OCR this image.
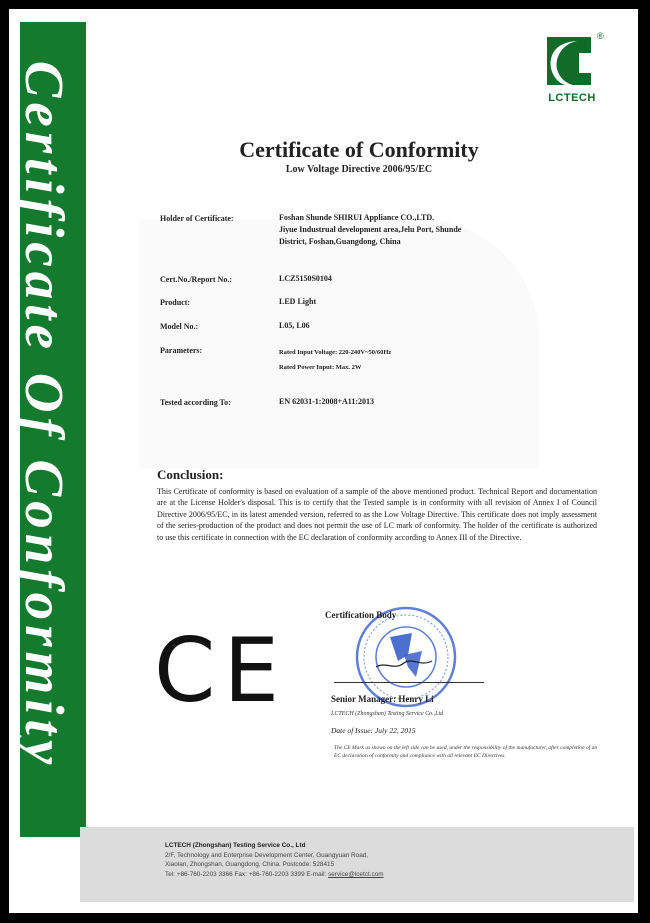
®
LCTECH
Certificate of Conformity
Low Voltage Directive 2006/95/EC
Holder of Certificate:	Foshan Shunde SHIRUI Appliance CO.,LTD.
Jiyue Industrual development area,Jelu Port, Shunde
District, Foshan,Guangdong, China
Cert.No./Report No.:	LCZ5150S0104
Product:	LED Light
Model No.:	L05, L06
Parameters:	Rated Input Voltage: 220-240V~50/60Hz
Rated Power Input: Max. 2W
Tested according To:	EN 62031-1:2008+A11:2013
Conclusion:
This Certificate of conformity is based on evaluation of a sample of the above mentioned product. Technical Report and documentation are at the License Holder's disposal. This is to certify that the Tested sample is in conformity with all revision of Annex I of Council Directive 2006/95/EC, in its latest amended version, referred to as the Low Voltage Directive. This certificate does not imply assessment of the series-production of the product and does not permit the use of LC mark of conformity. The holder of the certificate is authorized to use this certificate in connection with the EC declaration of conformity according to Annex III of the Directive.
CE
Certification Body
Senior Manager: Henry Li
LCTECH (Zhongshan) Testing Service Co.,Ltd
Date of Issue: July 22, 2015
The CE Mark as shown on the left side can be used, under the responsibility of the manufacturer, after completion of an EC declaration of conformity and compliance with all relevant EC Directives.
LCTECH (Zhongshan) Testing Service Co., Ltd
2/F, Technology and Enterprise Development Center, Guangyuan Road,
Xiaolan, Zhongshan, Guangdong, China. Postcode: 528415
Tel: +86-760-2203 3366 Fax: +86-760-2203 3399 E-mail: service@lcetct.com
Certificate Of Conformity
